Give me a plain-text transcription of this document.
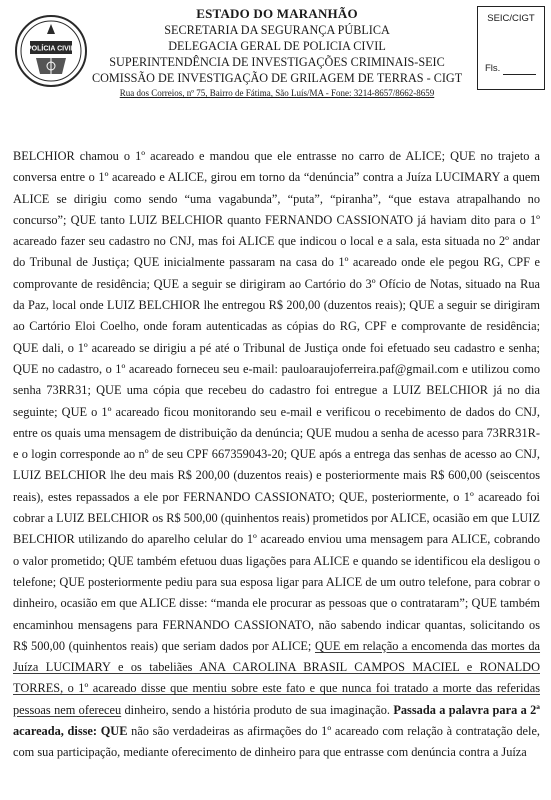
POLÍCIA CIVIL
ESTADO DO MARANHÃO
SECRETARIA DA SEGURANÇA PÚBLICA
DELEGACIA GERAL DE POLICIA CIVIL
SUPERINTENDÊNCIA DE INVESTIGAÇÕES CRIMINAIS-SEIC
COMISSÃO DE INVESTIGAÇÃO DE GRILAGEM DE TERRAS - CIGT
Rua dos Correios, nº 75, Bairro de Fátima, São Luís/MA - Fone: 3214-8657/8662-8659
SEIC/CIGT
Fls.

BELCHIOR chamou o 1º acareado e mandou que ele entrasse no carro de ALICE; QUE no trajeto a conversa entre o 1º acareado e ALICE, girou em torno da “denúncia” contra a Juíza LUCIMARY a quem ALICE se dirigiu como sendo “uma vagabunda”, “puta”, “piranha”, “que estava atrapalhando no concurso”; QUE tanto LUIZ BELCHIOR quanto FERNANDO CASSIONATO já haviam dito para o 1º acareado fazer seu cadastro no CNJ, mas foi ALICE que indicou o local e a sala, esta situada no 2º andar do Tribunal de Justiça; QUE inicialmente passaram na casa do 1º acareado onde ele pegou RG, CPF e comprovante de residência; QUE a seguir se dirigiram ao Cartório do 3º Ofício de Notas, situado na Rua da Paz, local onde LUIZ BELCHIOR lhe entregou R$ 200,00 (duzentos reais); QUE a seguir se dirigiram ao Cartório Eloi Coelho, onde foram autenticadas as cópias do RG, CPF e comprovante de residência; QUE dali, o 1º acareado se dirigiu a pé até o Tribunal de Justiça onde foi efetuado seu cadastro e senha; QUE no cadastro, o 1º acareado forneceu seu e-mail: pauloaraujoferreira.paf@gmail.com e utilizou como senha 73RR31; QUE uma cópia que recebeu do cadastro foi entregue a LUIZ BELCHIOR já no dia seguinte; QUE o 1º acareado ficou monitorando seu e-mail e verificou o recebimento de dados do CNJ, entre os quais uma mensagem de distribuição da denúncia; QUE mudou a senha de acesso para 73RR31R- e o login corresponde ao nº de seu CPF 667359043-20; QUE após a entrega das senhas de acesso ao CNJ, LUIZ BELCHIOR lhe deu mais R$ 200,00 (duzentos reais) e posteriormente mais R$ 600,00 (seiscentos reais), estes repassados a ele por FERNANDO CASSIONATO; QUE, posteriormente, o 1º acareado foi cobrar a LUIZ BELCHIOR os R$ 500,00 (quinhentos reais) prometidos por ALICE, ocasião em que LUIZ BELCHIOR utilizando do aparelho celular do 1º acareado enviou uma mensagem para ALICE, cobrando o valor prometido; QUE também efetuou duas ligações para ALICE e quando se identificou ela desligou o telefone; QUE posteriormente pediu para sua esposa ligar para ALICE de um outro telefone, para cobrar o dinheiro, ocasião em que ALICE disse: “manda ele procurar as pessoas que o contrataram”; QUE também encaminhou mensagens para FERNANDO CASSIONATO, não sabendo indicar quantas, solicitando os R$ 500,00 (quinhentos reais) que seriam dados por ALICE; QUE em relação a encomenda das mortes da Juíza LUCIMARY e os tabeliães ANA CAROLINA BRASIL CAMPOS MACIEL e RONALDO TORRES, o 1º acareado disse que mentiu sobre este fato e que nunca foi tratado a morte das referidas pessoas nem ofereceu dinheiro, sendo a história produto de sua imaginação. Passada a palavra para a 2ª acareada, disse: QUE não são verdadeiras as afirmações do 1º acareado com relação à contratação dele, com sua participação, mediante oferecimento de dinheiro para que entrasse com denúncia contra a Juíza
